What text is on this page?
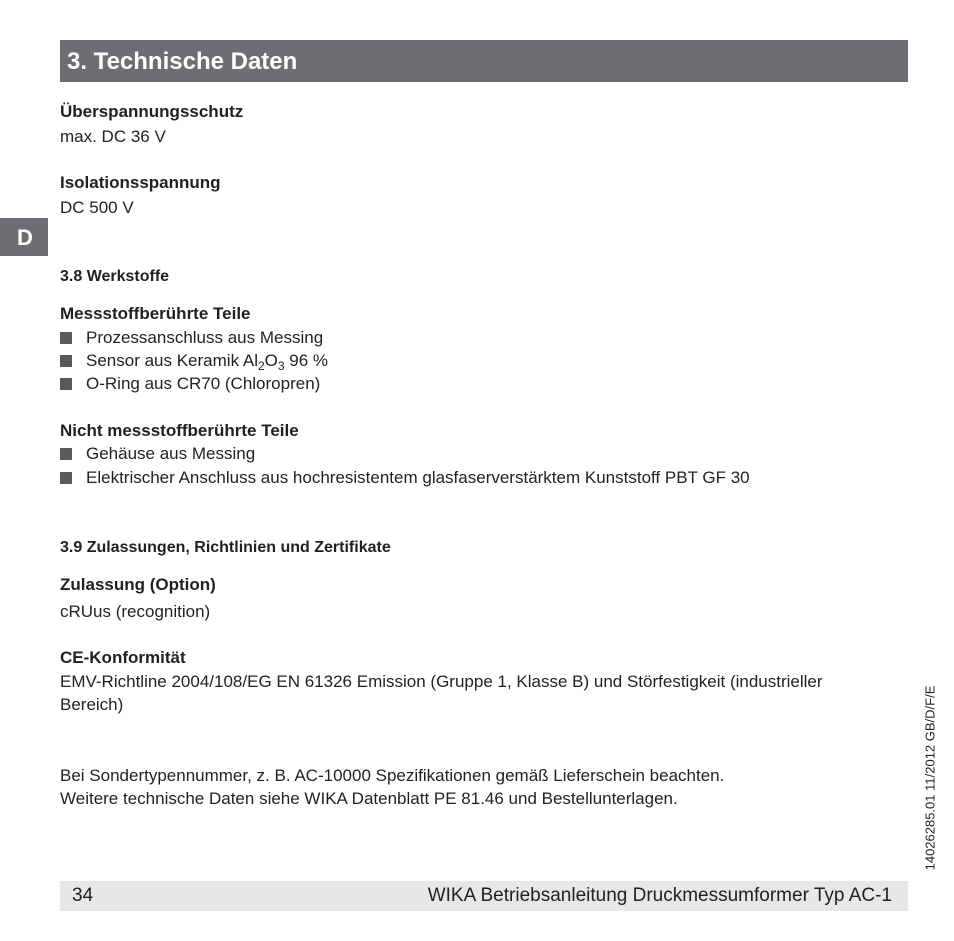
3. Technische Daten
D
Überspannungsschutz
max. DC 36 V
Isolationsspannung
DC 500 V
3.8 Werkstoffe
Messstoffberührte Teile
Prozessanschluss aus Messing
Sensor aus Keramik $Al_2O_3$ 96 %
O-Ring aus CR70 (Chloropren)
Nicht messstoffberührte Teile
Gehäuse aus Messing
Elektrischer Anschluss aus hochresistentem glasfaserverstärktem Kunststoff PBT GF 30
3.9 Zulassungen, Richtlinien und Zertifikate
Zulassung (Option)
cRUus (recognition)
CE-Konformität
EMV-Richtline 2004/108/EG EN 61326 Emission (Gruppe 1, Klasse B) und Störfestigkeit (industrieller
Bereich)
Bei Sondertypennummer, z. B. AC-10000 Spezifikationen gemäß Lieferschein beachten.
Weitere technische Daten siehe WIKA Datenblatt PE 81.46 und Bestellunterlagen.	14026285.01 11/2012 GB/D/F/E
34	WIKA Betriebsanleitung Druckmessumformer Typ AC-1
